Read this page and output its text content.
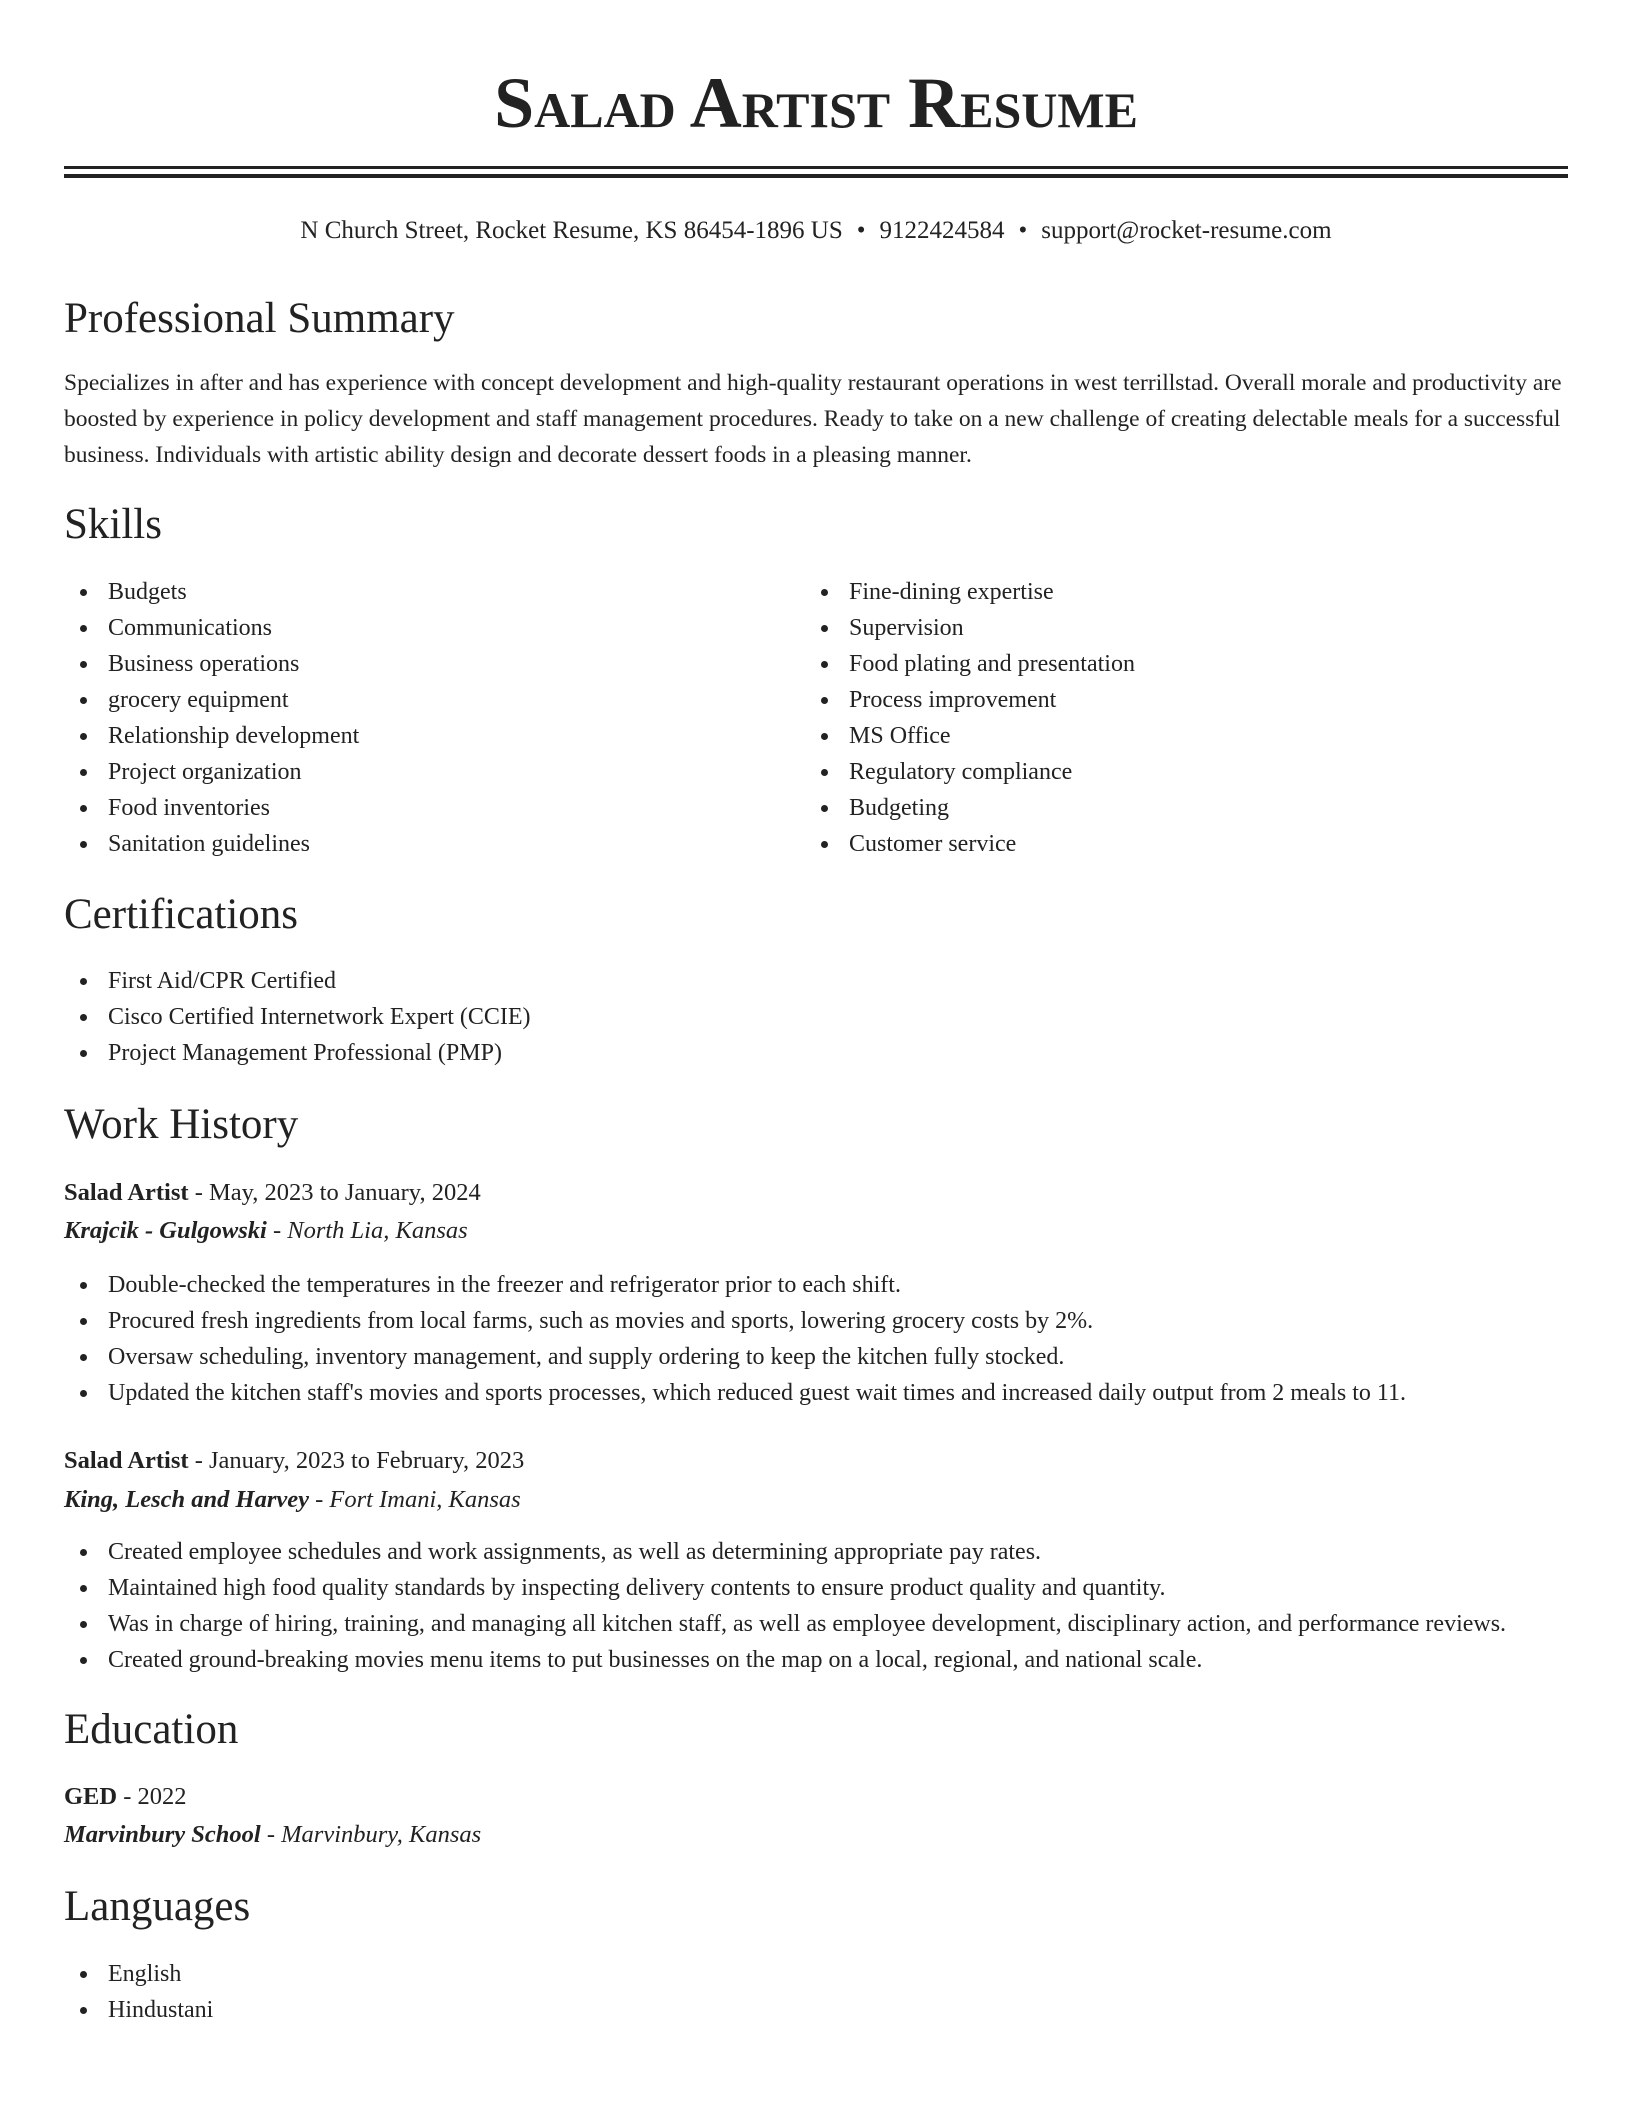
Salad Artist Resume
N Church Street, Rocket Resume, KS 86454-1896 US • 9122424584 • support@rocket-resume.com
Professional Summary

Specializes in after and has experience with concept development and high-quality restaurant operations in west terrillstad. Overall morale and productivity are boosted by experience in policy development and staff management procedures. Ready to take on a new challenge of creating delectable meals for a successful business. Individuals with artistic ability design and decorate dessert foods in a pleasing manner.

Skills
Budgets
Communications
Business operations
grocery equipment
Relationship development
Project organization
Food inventories
Sanitation guidelines
Fine-dining expertise
Supervision
Food plating and presentation
Process improvement
MS Office
Regulatory compliance
Budgeting
Customer service
Certifications
First Aid/CPR Certified
Cisco Certified Internetwork Expert (CCIE)
Project Management Professional (PMP)
Work History
Salad Artist - May, 2023 to January, 2024
Krajcik - Gulgowski - North Lia, Kansas
Double-checked the temperatures in the freezer and refrigerator prior to each shift.
Procured fresh ingredients from local farms, such as movies and sports, lowering grocery costs by 2%.
Oversaw scheduling, inventory management, and supply ordering to keep the kitchen fully stocked.
Updated the kitchen staff's movies and sports processes, which reduced guest wait times and increased daily output from 2 meals to 11.
Salad Artist - January, 2023 to February, 2023
King, Lesch and Harvey - Fort Imani, Kansas
Created employee schedules and work assignments, as well as determining appropriate pay rates.
Maintained high food quality standards by inspecting delivery contents to ensure product quality and quantity.
Was in charge of hiring, training, and managing all kitchen staff, as well as employee development, disciplinary action, and performance reviews.
Created ground-breaking movies menu items to put businesses on the map on a local, regional, and national scale.
Education
GED - 2022
Marvinbury School - Marvinbury, Kansas
Languages
English
Hindustani
